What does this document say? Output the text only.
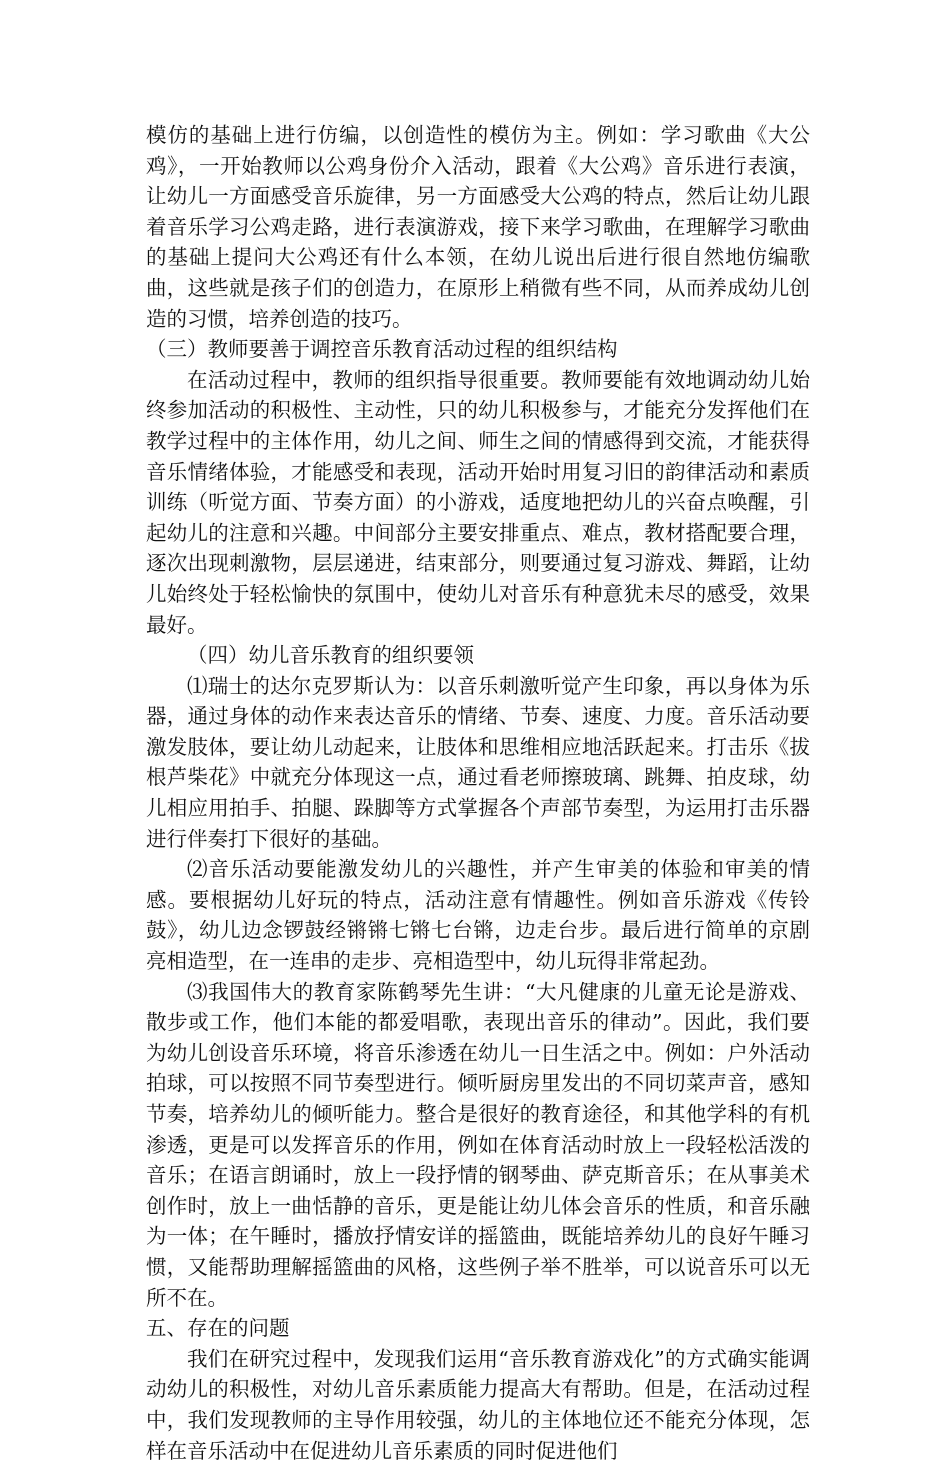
模仿的基础上进行仿编，以创造性的模仿为主。例如：学习歌曲《大公鸡》，一开始教师以公鸡身份介入活动，跟着《大公鸡》音乐进行表演，让幼儿一方面感受音乐旋律，另一方面感受大公鸡的特点，然后让幼儿跟着音乐学习公鸡走路，进行表演游戏，接下来学习歌曲，在理解学习歌曲的基础上提问大公鸡还有什么本领，在幼儿说出后进行很自然地仿编歌曲，这些就是孩子们的创造力，在原形上稍微有些不同，从而养成幼儿创造的习惯，培养创造的技巧。

（三）教师要善于调控音乐教育活动过程的组织结构

在活动过程中，教师的组织指导很重要。教师要能有效地调动幼儿始终参加活动的积极性、主动性，只的幼儿积极参与，才能充分发挥他们在教学过程中的主体作用，幼儿之间、师生之间的情感得到交流，才能获得音乐情绪体验，才能感受和表现，活动开始时用复习旧的韵律活动和素质训练（听觉方面、节奏方面）的小游戏，适度地把幼儿的兴奋点唤醒，引起幼儿的注意和兴趣。中间部分主要安排重点、难点，教材搭配要合理，逐次出现刺激物，层层递进，结束部分，则要通过复习游戏、舞蹈，让幼儿始终处于轻松愉快的氛围中，使幼儿对音乐有种意犹未尽的感受，效果最好。

（四）幼儿音乐教育的组织要领

⑴瑞士的达尔克罗斯认为：以音乐刺激听觉产生印象，再以身体为乐器，通过身体的动作来表达音乐的情绪、节奏、速度、力度。音乐活动要激发肢体，要让幼儿动起来，让肢体和思维相应地活跃起来。打击乐《拔根芦柴花》中就充分体现这一点，通过看老师擦玻璃、跳舞、拍皮球，幼儿相应用拍手、拍腿、跺脚等方式掌握各个声部节奏型，为运用打击乐器进行伴奏打下很好的基础。

⑵音乐活动要能激发幼儿的兴趣性，并产生审美的体验和审美的情感。要根据幼儿好玩的特点，活动注意有情趣性。例如音乐游戏《传铃鼓》，幼儿边念锣鼓经锵锵七锵七台锵，边走台步。最后进行简单的京剧亮相造型，在一连串的走步、亮相造型中，幼儿玩得非常起劲。

⑶我国伟大的教育家陈鹤琴先生讲：“大凡健康的儿童无论是游戏、散步或工作，他们本能的都爱唱歌，表现出音乐的律动”。因此，我们要为幼儿创设音乐环境，将音乐渗透在幼儿一日生活之中。例如：户外活动拍球，可以按照不同节奏型进行。倾听厨房里发出的不同切菜声音，感知节奏，培养幼儿的倾听能力。整合是很好的教育途径，和其他学科的有机渗透，更是可以发挥音乐的作用，例如在体育活动时放上一段轻松活泼的音乐；在语言朗诵时，放上一段抒情的钢琴曲、萨克斯音乐；在从事美术创作时，放上一曲恬静的音乐，更是能让幼儿体会音乐的性质，和音乐融为一体；在午睡时，播放抒情安详的摇篮曲，既能培养幼儿的良好午睡习惯，又能帮助理解摇篮曲的风格，这些例子举不胜举，可以说音乐可以无所不在。

五、存在的问题

我们在研究过程中，发现我们运用“音乐教育游戏化”的方式确实能调动幼儿的积极性，对幼儿音乐素质能力提高大有帮助。但是，在活动过程中，我们发现教师的主导作用较强，幼儿的主体地位还不能充分体现，怎样在音乐活动中在促进幼儿音乐素质的同时促进他们
